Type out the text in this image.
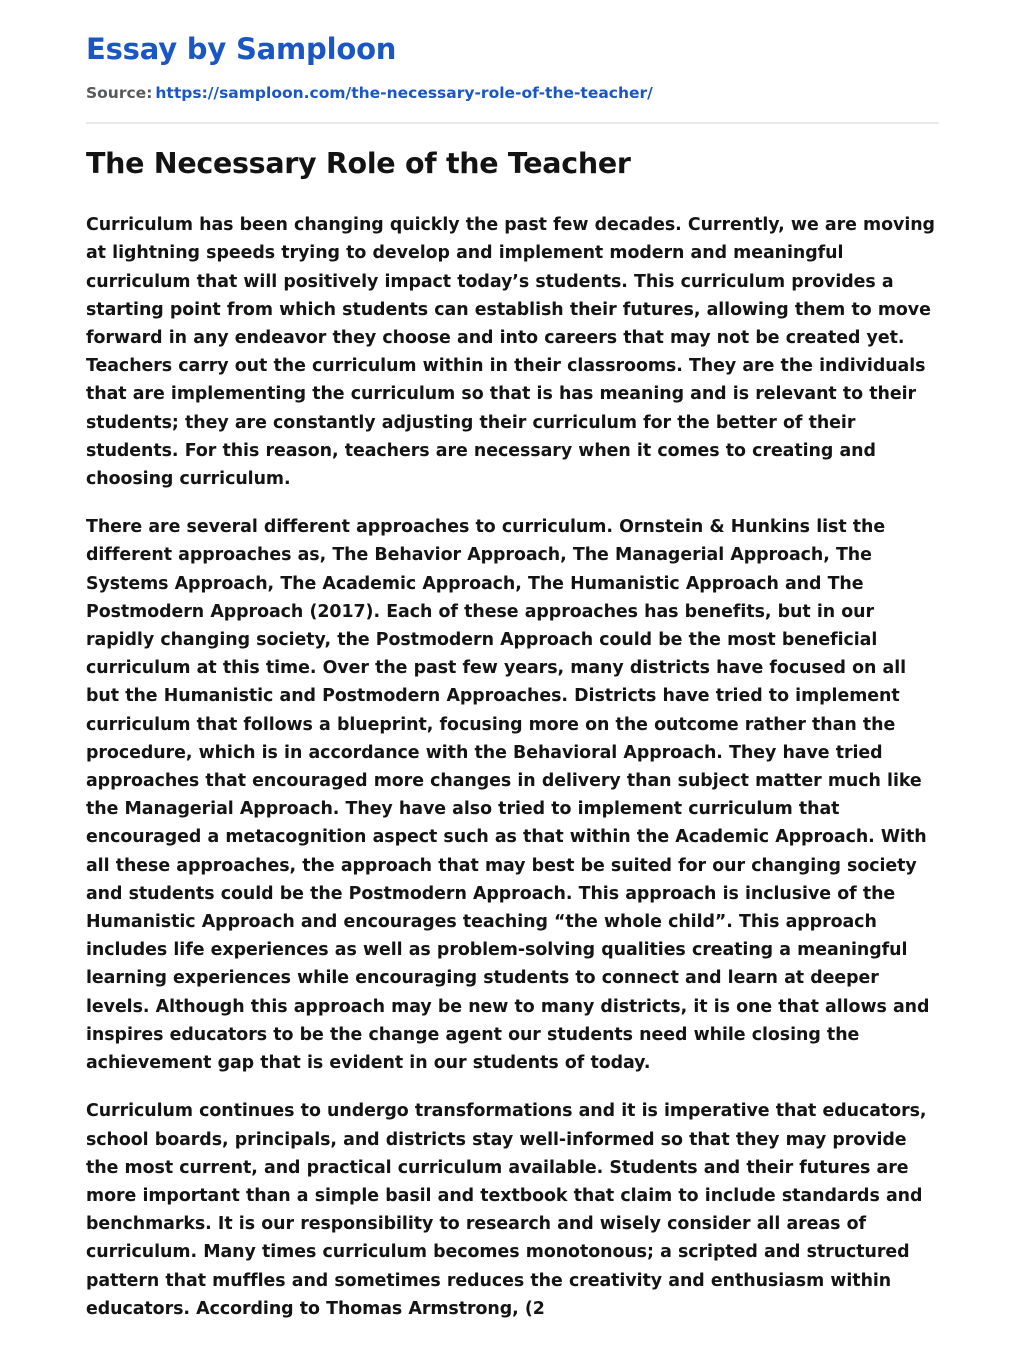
Essay by Samploon
Source: https://samploon.com/the-necessary-role-of-the-teacher/
The Necessary Role of the Teacher

Curriculum has been changing quickly the past few decades. Currently, we are moving at lightning speeds trying to develop and implement modern and meaningful curriculum that will positively impact today’s students. This curriculum provides a starting point from which students can establish their futures, allowing them to move forward in any endeavor they choose and into careers that may not be created yet. Teachers carry out the curriculum within in their classrooms. They are the individuals that are implementing the curriculum so that is has meaning and is relevant to their students; they are constantly adjusting their curriculum for the better of their students. For this reason, teachers are necessary when it comes to creating and choosing curriculum.

There are several different approaches to curriculum. Ornstein & Hunkins list the different approaches as, The Behavior Approach, The Managerial Approach, The Systems Approach, The Academic Approach, The Humanistic Approach and The Postmodern Approach (2017). Each of these approaches has benefits, but in our rapidly changing society, the Postmodern Approach could be the most beneficial curriculum at this time. Over the past few years, many districts have focused on all but the Humanistic and Postmodern Approaches. Districts have tried to implement curriculum that follows a blueprint, focusing more on the outcome rather than the procedure, which is in accordance with the Behavioral Approach. They have tried approaches that encouraged more changes in delivery than subject matter much like the Managerial Approach. They have also tried to implement curriculum that encouraged a metacognition aspect such as that within the Academic Approach. With all these approaches, the approach that may best be suited for our changing society and students could be the Postmodern Approach. This approach is inclusive of the Humanistic Approach and encourages teaching “the whole child”. This approach includes life experiences as well as problem-solving qualities creating a meaningful learning experiences while encouraging students to connect and learn at deeper levels. Although this approach may be new to many districts, it is one that allows and inspires educators to be the change agent our students need while closing the achievement gap that is evident in our students of today.

Curriculum continues to undergo transformations and it is imperative that educators, school boards, principals, and districts stay well-informed so that they may provide the most current, and practical curriculum available. Students and their futures are more important than a simple basil and textbook that claim to include standards and benchmarks. It is our responsibility to research and wisely consider all areas of curriculum. Many times curriculum becomes monotonous; a scripted and structured pattern that muffles and sometimes reduces the creativity and enthusiasm within educators. According to Thomas Armstrong, (2
